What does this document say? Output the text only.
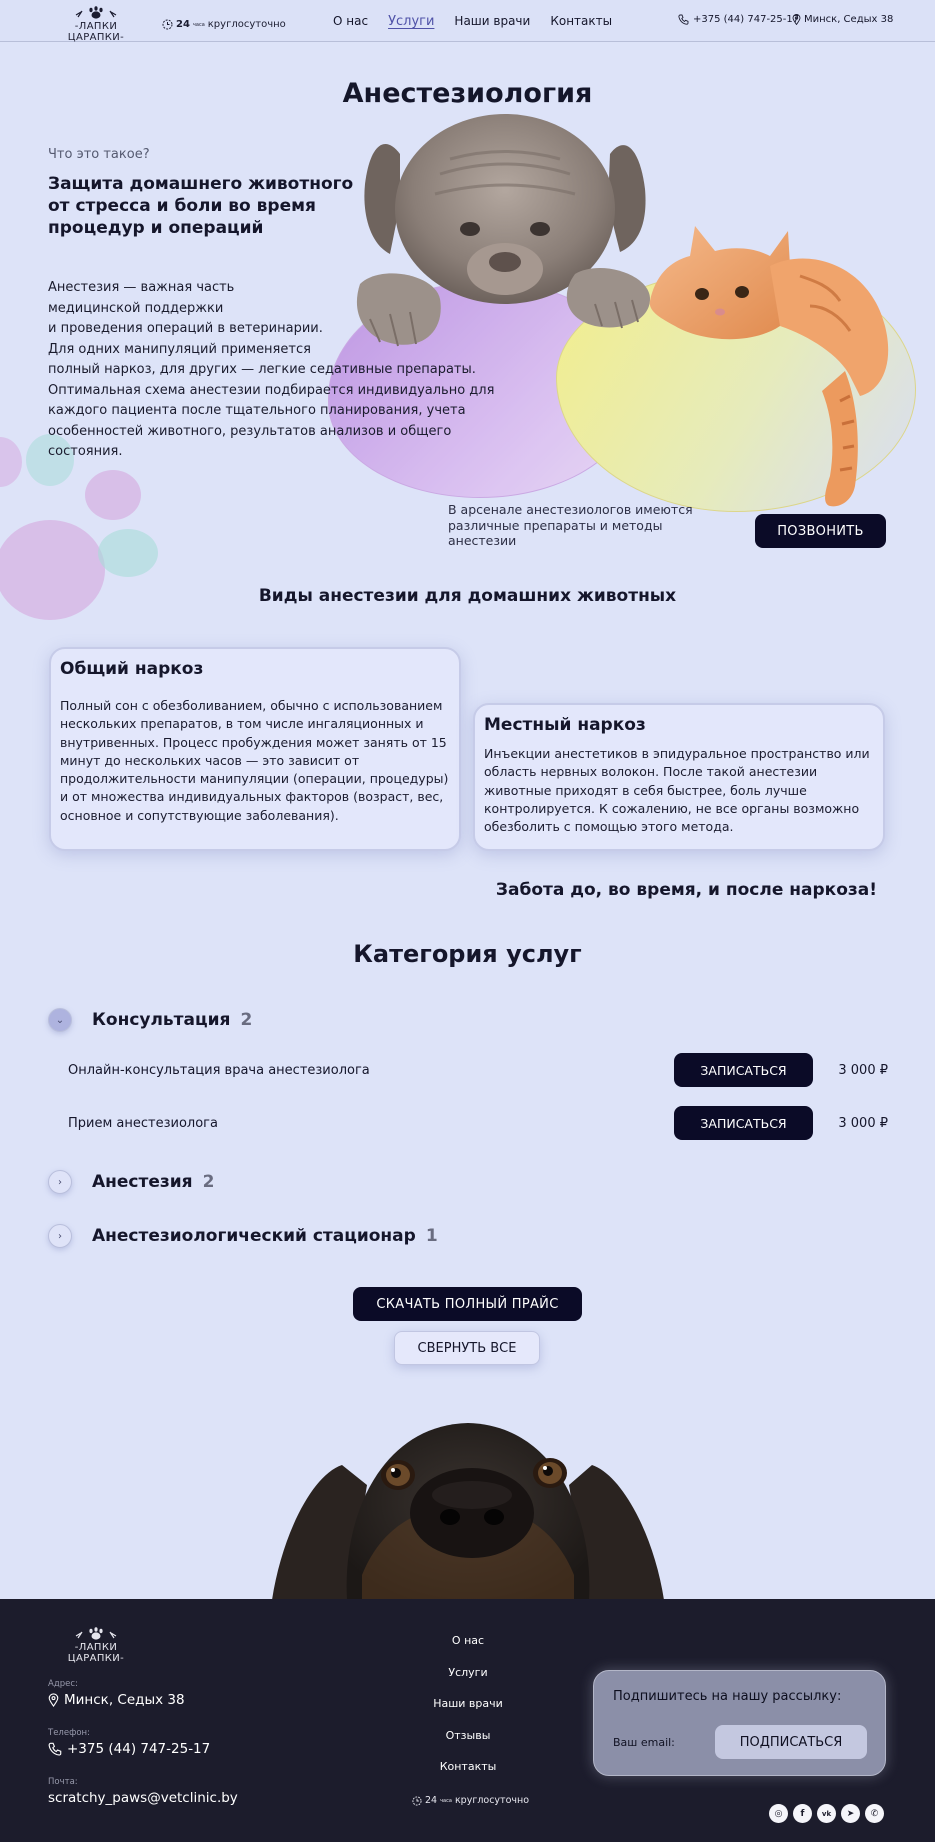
-ЛАПКИ ЦАРАПКИ-
24 часа круглосуточно	О нас Услуги Наши врачи Контакты	+375 (44) 747-25-17 Минск, Седых 38
Анестезиология
Что это такое?
Защита домашнего животного от стресса и боли во время процедур и операций
Анестезия — важная часть
медицинской поддержки
и проведения операций в ветеринарии.
Для одних манипуляций применяется
полный наркоз, для других — легкие седативные препараты.
Оптимальная схема анестезии подбирается индивидуально для
каждого пациента после тщательного планирования, учета
особенностей животного, результатов анализов и общего
состояния.
В арсенале анестезиологов имеются различные препараты и методы анестезии
ПОЗВОНИТЬ
Виды анестезии для домашних животных
Общий наркоз

Полный сон с обезболиванием, обычно с использованием нескольких препаратов, в том числе ингаляционных и внутривенных. Процесс пробуждения может занять от 15 минут до нескольких часов — это зависит от продолжительности манипуляции (операции, процедуры) и от множества индивидуальных факторов (возраст, вес, основное и сопутствующие заболевания).

Местный наркоз

Инъекции анестетиков в эпидуральное пространство или область нервных волокон. После такой анестезии животные приходят в себя быстрее, боль лучше контролируется. К сожалению, не все органы возможно обезболить с помощью этого метода.

Забота до, во время, и после наркоза!
Категория услуг
⌄	Консультация 2
Онлайн-консультация врача анестезиолога	ЗАПИСАТЬСЯ	3 000 ₽
Прием анестезиолога	ЗАПИСАТЬСЯ	3 000 ₽
›	Анестезия 2
›	Анестезиологический стационар 1
СКАЧАТЬ ПОЛНЫЙ ПРАЙС
СВЕРНУТЬ ВСЕ
-ЛАПКИ ЦАРАПКИ-
Адрес:
Минск, Седых 38
Телефон:
+375 (44) 747-25-17
Почта:
scratchy_paws@vetclinic.by
О нас
Услуги
Наши врачи
Отзывы
Контакты
24 часа круглосуточно
Подпишитесь на нашу рассылку:
Ваш email:	ПОДПИСАТЬСЯ
◎	f	vk	➤	✆
